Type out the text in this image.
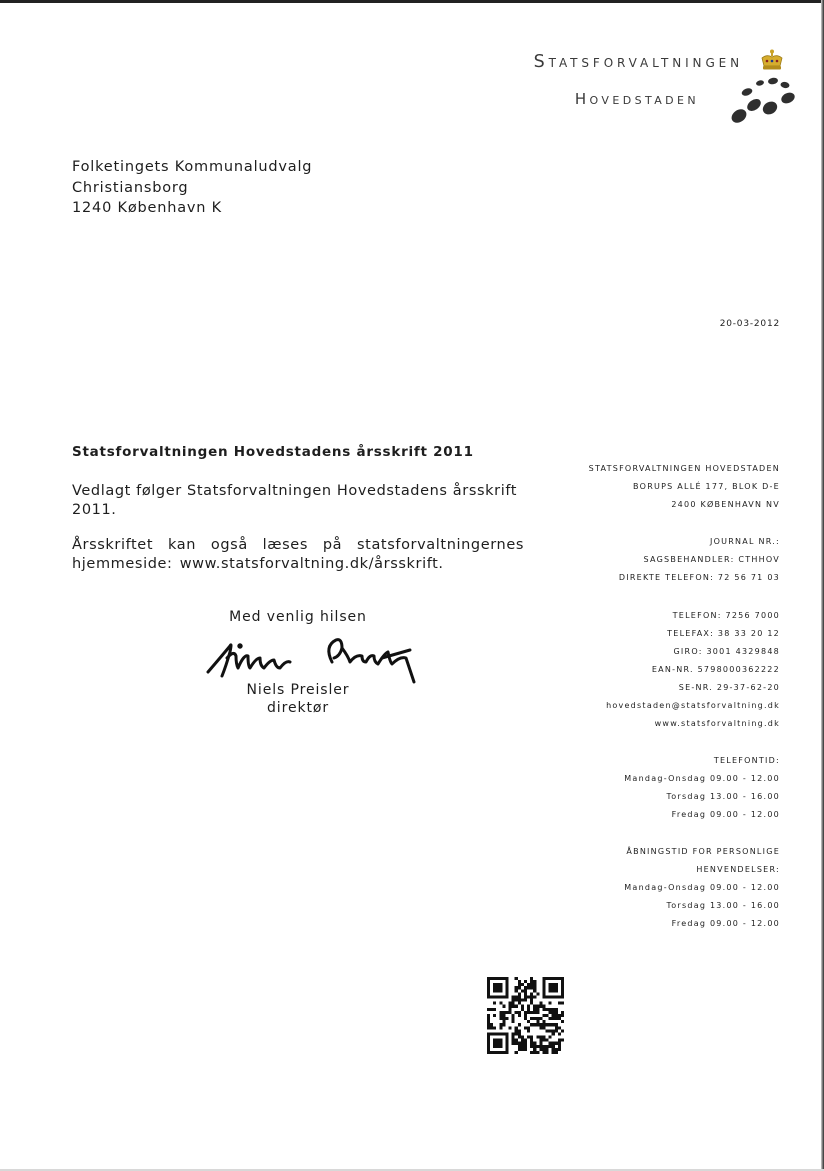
Statsforvaltningen
Hovedstaden
Folketingets Kommunaludvalg
Christiansborg
1240 København K
20-03-2012
Statsforvaltningen Hovedstadens årsskrift 2011
Vedlagt følger Statsforvaltningen Hovedstadens årsskrift 2011.
Årsskriftet kan også læses på statsforvaltningernes hjemmeside: www.statsforvaltning.dk/årsskrift.
Med venlig hilsen
Niels Preisler
direktør
STATSFORVALTNINGEN HOVEDSTADEN
BORUPS ALLÉ 177, BLOK D-E
2400 KØBENHAVN NV
JOURNAL NR.:
SAGSBEHANDLER: CTHHOV
DIREKTE TELEFON: 72 56 71 03
TELEFON: 7256 7000
TELEFAX: 38 33 20 12
GIRO: 3001 4329848
EAN-NR. 5798000362222
SE-NR. 29-37-62-20
hovedstaden@statsforvaltning.dk
www.statsforvaltning.dk
TELEFONTID:
Mandag-Onsdag 09.00 - 12.00
Torsdag 13.00 - 16.00
Fredag 09.00 - 12.00
ÅBNINGSTID FOR PERSONLIGE
HENVENDELSER:
Mandag-Onsdag 09.00 - 12.00
Torsdag 13.00 - 16.00
Fredag 09.00 - 12.00
